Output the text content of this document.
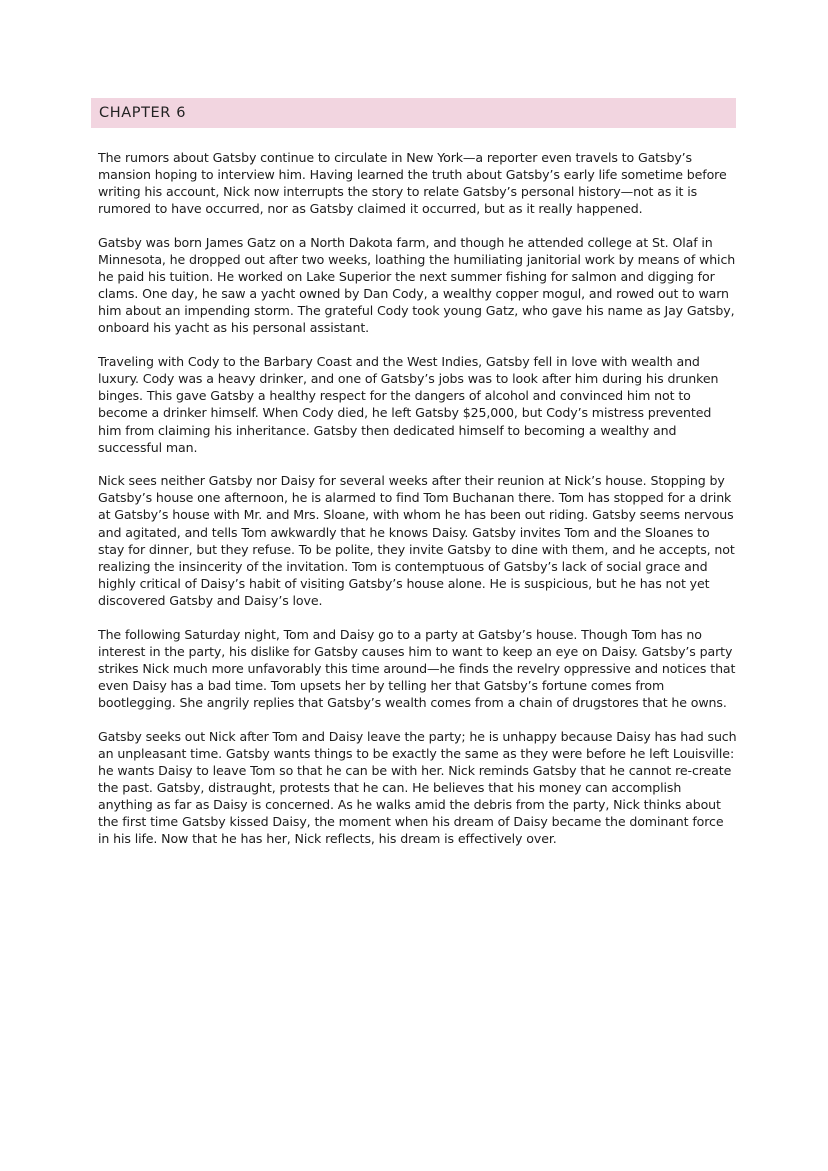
CHAPTER 6

The rumors about Gatsby continue to circulate in New York—a reporter even travels to Gatsby’s mansion hoping to interview him. Having learned the truth about Gatsby’s early life sometime before writing his account, Nick now interrupts the story to relate Gatsby’s personal history—not as it is rumored to have occurred, nor as Gatsby claimed it occurred, but as it really happened.

Gatsby was born James Gatz on a North Dakota farm, and though he attended college at St. Olaf in Minnesota, he dropped out after two weeks, loathing the humiliating janitorial work by means of which he paid his tuition. He worked on Lake Superior the next summer fishing for salmon and digging for clams. One day, he saw a yacht owned by Dan Cody, a wealthy copper mogul, and rowed out to warn him about an impending storm. The grateful Cody took young Gatz, who gave his name as Jay Gatsby, onboard his yacht as his personal assistant.

Traveling with Cody to the Barbary Coast and the West Indies, Gatsby fell in love with wealth and luxury. Cody was a heavy drinker, and one of Gatsby’s jobs was to look after him during his drunken binges. This gave Gatsby a healthy respect for the dangers of alcohol and convinced him not to become a drinker himself. When Cody died, he left Gatsby $25,000, but Cody’s mistress prevented him from claiming his inheritance. Gatsby then dedicated himself to becoming a wealthy and successful man.

Nick sees neither Gatsby nor Daisy for several weeks after their reunion at Nick’s house. Stopping by Gatsby’s house one afternoon, he is alarmed to find Tom Buchanan there. Tom has stopped for a drink at Gatsby’s house with Mr. and Mrs. Sloane, with whom he has been out riding. Gatsby seems nervous and agitated, and tells Tom awkwardly that he knows Daisy. Gatsby invites Tom and the Sloanes to stay for dinner, but they refuse. To be polite, they invite Gatsby to dine with them, and he accepts, not realizing the insincerity of the invitation. Tom is contemptuous of Gatsby’s lack of social grace and highly critical of Daisy’s habit of visiting Gatsby’s house alone. He is suspicious, but he has not yet discovered Gatsby and Daisy’s love.

The following Saturday night, Tom and Daisy go to a party at Gatsby’s house. Though Tom has no interest in the party, his dislike for Gatsby causes him to want to keep an eye on Daisy. Gatsby’s party strikes Nick much more unfavorably this time around—he finds the revelry oppressive and notices that even Daisy has a bad time. Tom upsets her by telling her that Gatsby’s fortune comes from bootlegging. She angrily replies that Gatsby’s wealth comes from a chain of drugstores that he owns.

Gatsby seeks out Nick after Tom and Daisy leave the party; he is unhappy because Daisy has had such an unpleasant time. Gatsby wants things to be exactly the same as they were before he left Louisville: he wants Daisy to leave Tom so that he can be with her. Nick reminds Gatsby that he cannot re-create the past. Gatsby, distraught, protests that he can. He believes that his money can accomplish anything as far as Daisy is concerned. As he walks amid the debris from the party, Nick thinks about the first time Gatsby kissed Daisy, the moment when his dream of Daisy became the dominant force in his life. Now that he has her, Nick reflects, his dream is effectively over.
